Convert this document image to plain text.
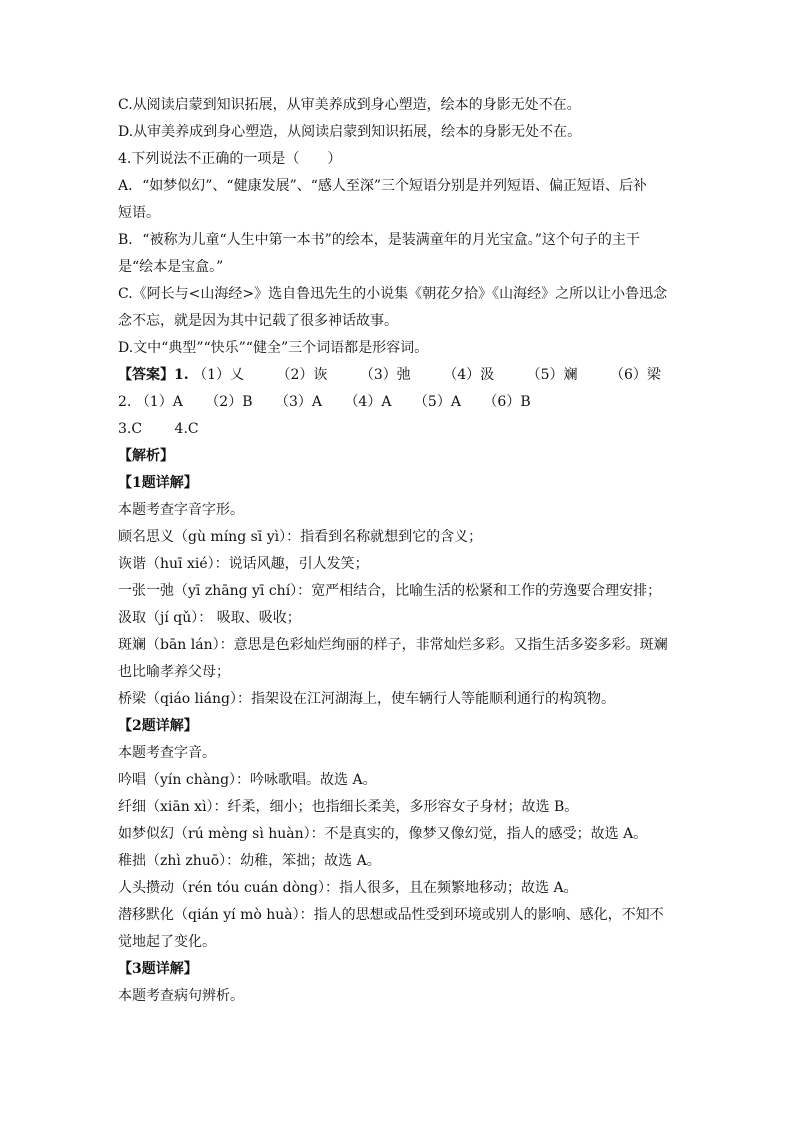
C.从阅读启蒙到知识拓展，从审美养成到身心塑造，绘本的身影无处不在。
D.从审美养成到身心塑造，从阅读启蒙到知识拓展，绘本的身影无处不在。
4.下列说法不正确的一项是（　　）
A．“如梦似幻”、“健康发展”、“感人至深”三个短语分别是并列短语、偏正短语、后补
短语。
B．“被称为儿童“人生中第一本书”的绘本，是装满童年的月光宝盒。”这个句子的主干
是“绘本是宝盒。”
C.《阿长与<山海经>》选自鲁迅先生的小说集《朝花夕拾》《山海经》之所以让小鲁迅念
念不忘，就是因为其中记载了很多神话故事。
D.文中“典型”“快乐”“健全”三个词语都是形容词。
【答案】1. （1）乂 （2）诙 （3）弛 （4）汲 （5）斓 （6）梁
2. （1）A （2）B （3）A （4）A （5）A （6）B
3.C 4.C
【解析】
【1题详解】
本题考查字音字形。
顾名思义（gù míng sī yì）：指看到名称就想到它的含义；
诙谐（huī xié）：说话风趣，引人发笑；
一张一弛（yī zhāng yī chí）：宽严相结合，比喻生活的松紧和工作的劳逸要合理安排；
汲取（jí qǔ）： 吸取、吸收；
斑斓（bān lán）：意思是色彩灿烂绚丽的样子，非常灿烂多彩。又指生活多姿多彩。斑斓
也比喻孝养父母；
桥梁（qiáo liáng）：指架设在江河湖海上，使车辆行人等能顺利通行的构筑物。
【2题详解】
本题考查字音。
吟唱（yín chàng）：吟咏歌唱。故选 A。
纤细（xiān xì）：纤柔，细小；也指细长柔美，多形容女子身材；故选 B。
如梦似幻（rú mèng sì huàn）：不是真实的，像梦又像幻觉，指人的感受；故选 A。
稚拙（zhì zhuō）：幼稚，笨拙；故选 A。
人头攒动（rén tóu cuán dòng）：指人很多，且在频繁地移动；故选 A。
潜移默化（qián yí mò huà）：指人的思想或品性受到环境或别人的影响、感化，不知不
觉地起了变化。
【3题详解】
本题考查病句辨析。
